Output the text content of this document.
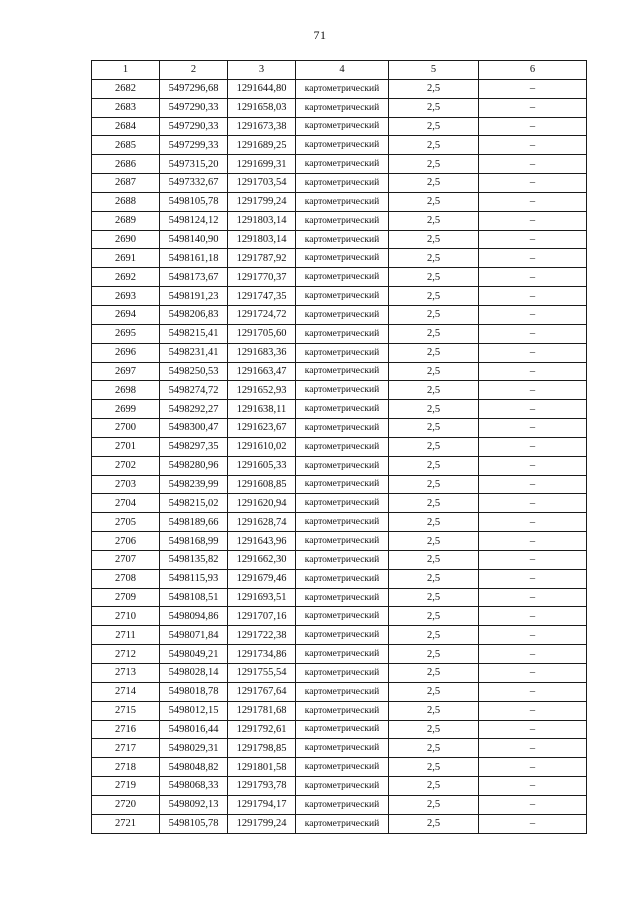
71
1	2	3	4	5	6
2682	5497296,68	1291644,80	картометрический	2,5	–
2683	5497290,33	1291658,03	картометрический	2,5	–
2684	5497290,33	1291673,38	картометрический	2,5	–
2685	5497299,33	1291689,25	картометрический	2,5	–
2686	5497315,20	1291699,31	картометрический	2,5	–
2687	5497332,67	1291703,54	картометрический	2,5	–
2688	5498105,78	1291799,24	картометрический	2,5	–
2689	5498124,12	1291803,14	картометрический	2,5	–
2690	5498140,90	1291803,14	картометрический	2,5	–
2691	5498161,18	1291787,92	картометрический	2,5	–
2692	5498173,67	1291770,37	картометрический	2,5	–
2693	5498191,23	1291747,35	картометрический	2,5	–
2694	5498206,83	1291724,72	картометрический	2,5	–
2695	5498215,41	1291705,60	картометрический	2,5	–
2696	5498231,41	1291683,36	картометрический	2,5	–
2697	5498250,53	1291663,47	картометрический	2,5	–
2698	5498274,72	1291652,93	картометрический	2,5	–
2699	5498292,27	1291638,11	картометрический	2,5	–
2700	5498300,47	1291623,67	картометрический	2,5	–
2701	5498297,35	1291610,02	картометрический	2,5	–
2702	5498280,96	1291605,33	картометрический	2,5	–
2703	5498239,99	1291608,85	картометрический	2,5	–
2704	5498215,02	1291620,94	картометрический	2,5	–
2705	5498189,66	1291628,74	картометрический	2,5	–
2706	5498168,99	1291643,96	картометрический	2,5	–
2707	5498135,82	1291662,30	картометрический	2,5	–
2708	5498115,93	1291679,46	картометрический	2,5	–
2709	5498108,51	1291693,51	картометрический	2,5	–
2710	5498094,86	1291707,16	картометрический	2,5	–
2711	5498071,84	1291722,38	картометрический	2,5	–
2712	5498049,21	1291734,86	картометрический	2,5	–
2713	5498028,14	1291755,54	картометрический	2,5	–
2714	5498018,78	1291767,64	картометрический	2,5	–
2715	5498012,15	1291781,68	картометрический	2,5	–
2716	5498016,44	1291792,61	картометрический	2,5	–
2717	5498029,31	1291798,85	картометрический	2,5	–
2718	5498048,82	1291801,58	картометрический	2,5	–
2719	5498068,33	1291793,78	картометрический	2,5	–
2720	5498092,13	1291794,17	картометрический	2,5	–
2721	5498105,78	1291799,24	картометрический	2,5	–
